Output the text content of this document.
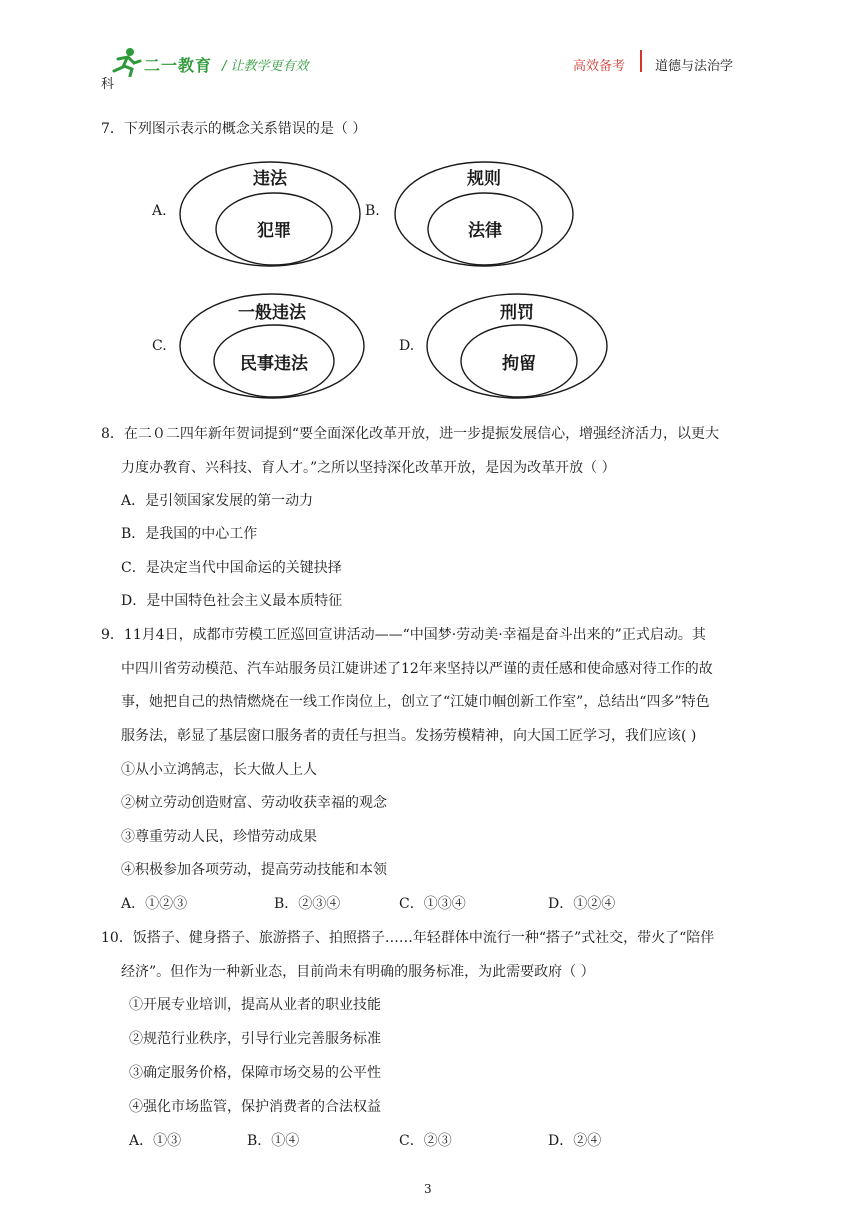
二一教育 / 让教学更有效	高效备考 道德与法治学
科
7．下列图示表示的概念关系错误的是（ ）
A.
违法
犯罪
B.
规则
法律
C.
一般违法
民事违法
D.
刑罚
拘留
8．在二０二四年新年贺词提到“要全面深化改革开放，进一步提振发展信心，增强经济活力，以更大
力度办教育、兴科技、育人才。”之所以坚持深化改革开放，是因为改革开放（ ）
A．是引领国家发展的第一动力
B．是我国的中心工作
C．是决定当代中国命运的关键抉择
D．是中国特色社会主义最本质特征
9．11月4日，成都市劳模工匠巡回宣讲活动——“中国梦·劳动美·幸福是奋斗出来的”正式启动。其
中四川省劳动模范、汽车站服务员江婕讲述了12年来坚持以严谨的责任感和使命感对待工作的故
事，她把自己的热情燃烧在一线工作岗位上，创立了“江婕巾帼创新工作室”，总结出“四多”特色
服务法，彰显了基层窗口服务者的责任与担当。发扬劳模精神，向大国工匠学习，我们应该( )
①从小立鸿鹄志，长大做人上人
②树立劳动创造财富、劳动收获幸福的观念
③尊重劳动人民，珍惜劳动成果
④积极参加各项劳动，提高劳动技能和本领
A．①②③	B．②③④	C．①③④	D．①②④
10．饭搭子、健身搭子、旅游搭子、拍照搭子……年轻群体中流行一种“搭子”式社交，带火了“陪伴
经济”。但作为一种新业态，目前尚未有明确的服务标准，为此需要政府（ ）
①开展专业培训，提高从业者的职业技能
②规范行业秩序，引导行业完善服务标准
③确定服务价格，保障市场交易的公平性
④强化市场监管，保护消费者的合法权益
A．①③	B．①④	C．②③	D．②④
3
